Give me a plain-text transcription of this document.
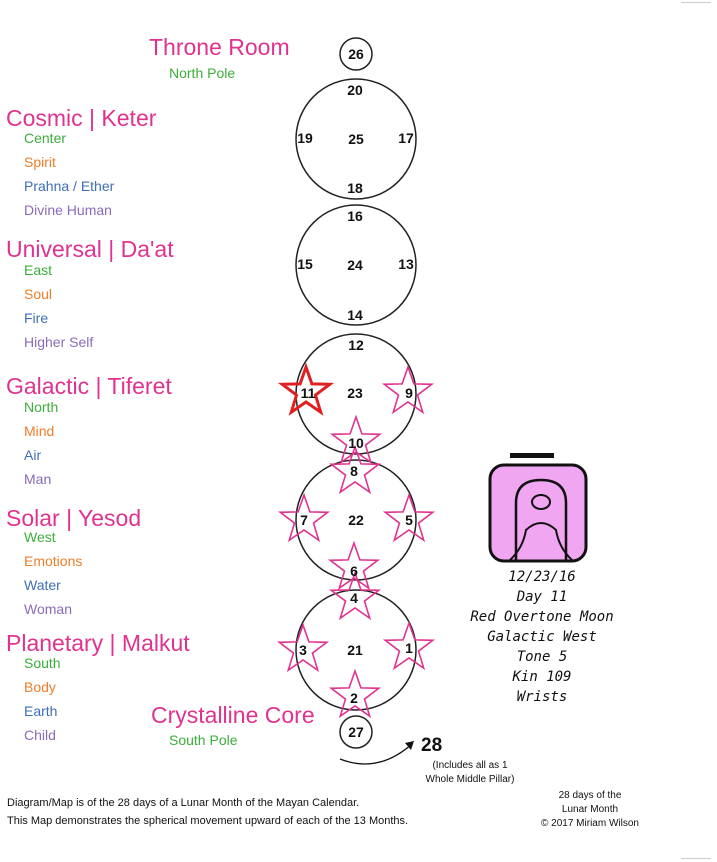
Throne Room
North Pole
Cosmic | Keter
Center
Spirit
Prahna / Ether
Divine Human
Universal | Da'at
East
Soul
Fire
Higher Self
Galactic | Tiferet
North
Mind
Air
Man
Solar | Yesod
West
Emotions
Water
Woman
Planetary | Malkut
South
Body
Earth
Child
Crystalline Core
South Pole
26
20
19	25 17
18
16
15 24	13
14
12
11 23	9
10
8
7	22	5
6
4
3	21	1
2
27
28
(Includes all as 1
Whole Middle Pillar)
12/23/16
Day 11
Red Overtone Moon
Galactic West
Tone 5
Kin 109
Wrists
Diagram/Map is of the 28 days of a Lunar Month of the Mayan Calendar.
This Map demonstrates the spherical movement upward of each of the 13 Months.
28 days of the
Lunar Month
© 2017 Miriam Wilson
